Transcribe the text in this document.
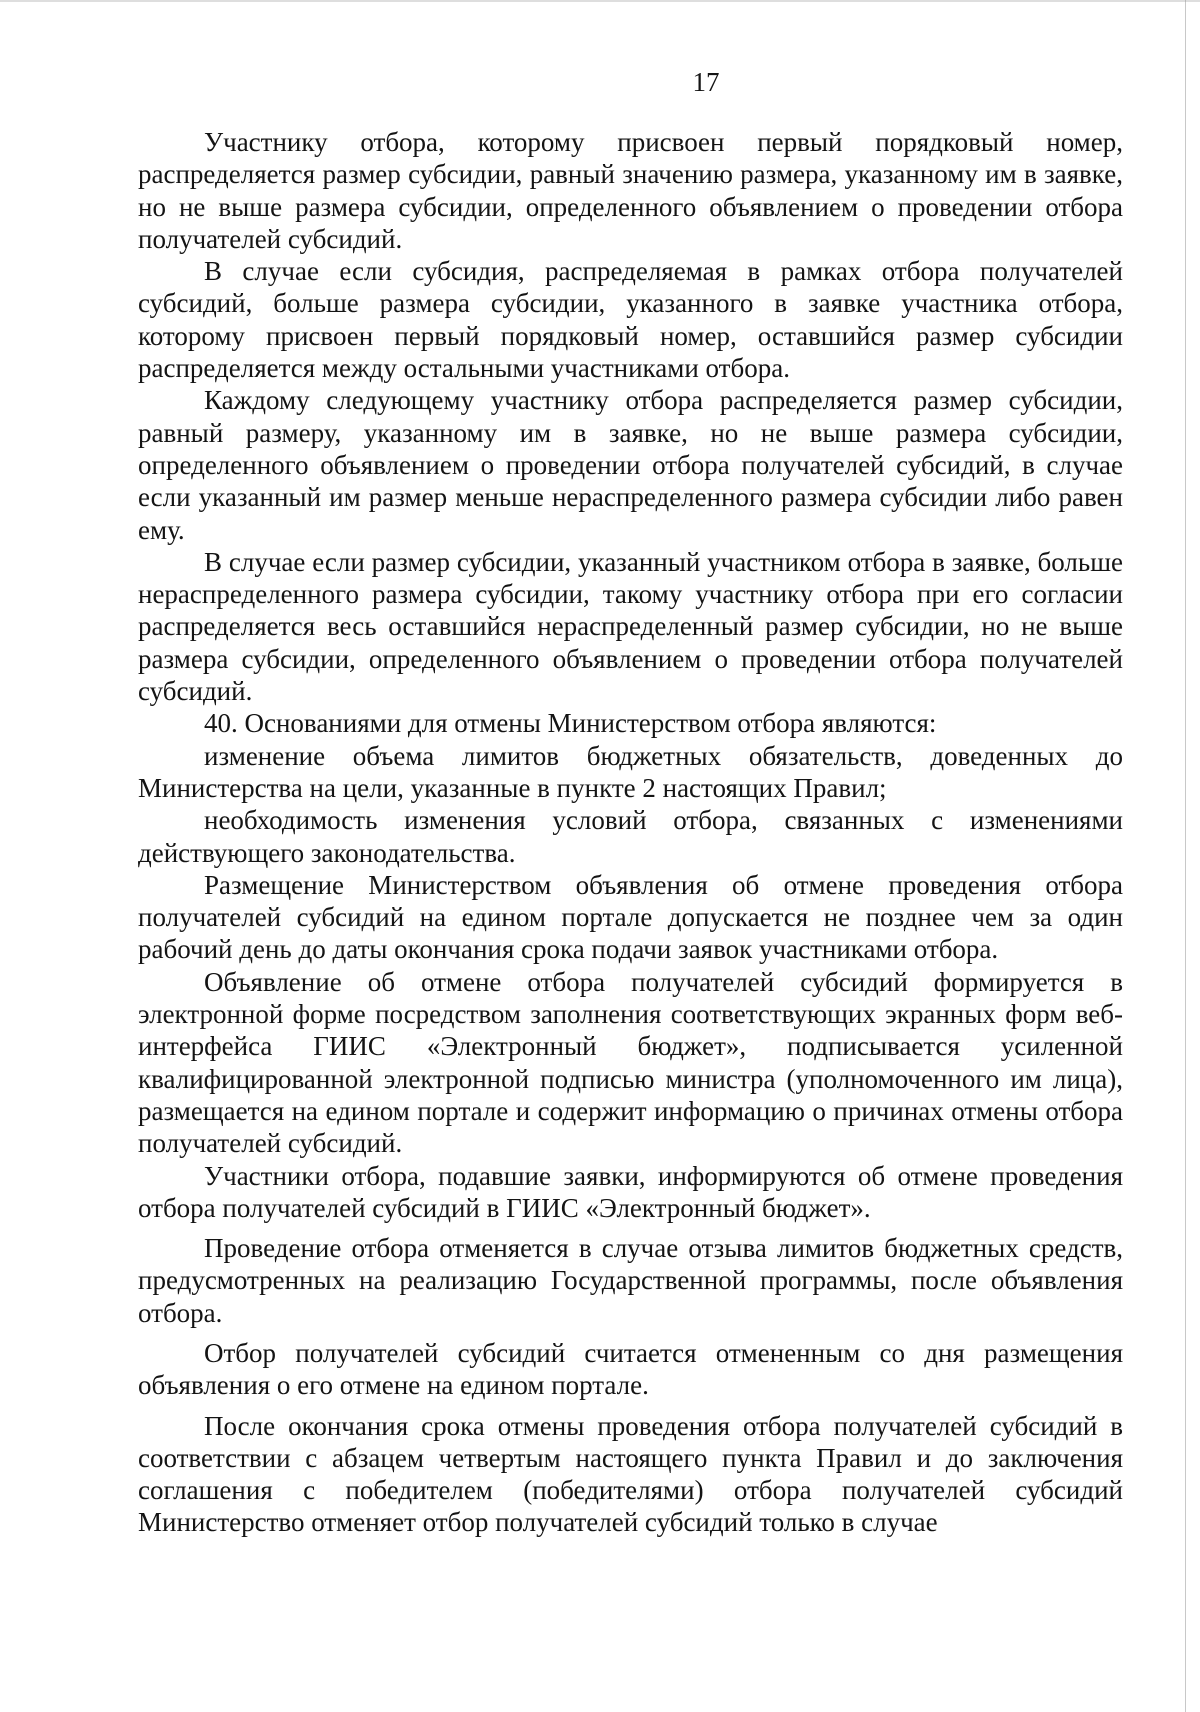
17

Участнику отбора, которому присвоен первый порядковый номер, распределяется размер субсидии, равный значению размера, указанному им в заявке, но не выше размера субсидии, определенного объявлением о проведении отбора получателей субсидий.

В случае если субсидия, распределяемая в рамках отбора получателей субсидий, больше размера субсидии, указанного в заявке участника отбора, которому присвоен первый порядковый номер, оставшийся размер субсидии распределяется между остальными участниками отбора.

Каждому следующему участнику отбора распределяется размер субсидии, равный размеру, указанному им в заявке, но не выше размера субсидии, определенного объявлением о проведении отбора получателей субсидий, в случае если указанный им размер меньше нераспределенного размера субсидии либо равен ему.

В случае если размер субсидии, указанный участником отбора в заявке, больше нераспределенного размера субсидии, такому участнику отбора при его согласии распределяется весь оставшийся нераспределенный размер субсидии, но не выше размера субсидии, определенного объявлением о проведении отбора получателей субсидий.

40. Основаниями для отмены Министерством отбора являются:

изменение объема лимитов бюджетных обязательств, доведенных до Министерства на цели, указанные в пункте 2 настоящих Правил;

необходимость изменения условий отбора, связанных с изменениями действующего законодательства.

Размещение Министерством объявления об отмене проведения отбора получателей субсидий на едином портале допускается не позднее чем за один рабочий день до даты окончания срока подачи заявок участниками отбора.

Объявление об отмене отбора получателей субсидий формируется в электронной форме посредством заполнения соответствующих экранных форм веб-интерфейса ГИИС «Электронный бюджет», подписывается усиленной квалифицированной электронной подписью министра (уполномоченного им лица), размещается на едином портале и содержит информацию о причинах отмены отбора получателей субсидий.

Участники отбора, подавшие заявки, информируются об отмене проведения отбора получателей субсидий в ГИИС «Электронный бюджет».

Проведение отбора отменяется в случае отзыва лимитов бюджетных средств, предусмотренных на реализацию Государственной программы, после объявления отбора.

Отбор получателей субсидий считается отмененным со дня размещения объявления о его отмене на едином портале.

После окончания срока отмены проведения отбора получателей субсидий в соответствии с абзацем четвертым настоящего пункта Правил и до заключения соглашения с победителем (победителями) отбора получателей субсидий Министерство отменяет отбор получателей субсидий только в случае
